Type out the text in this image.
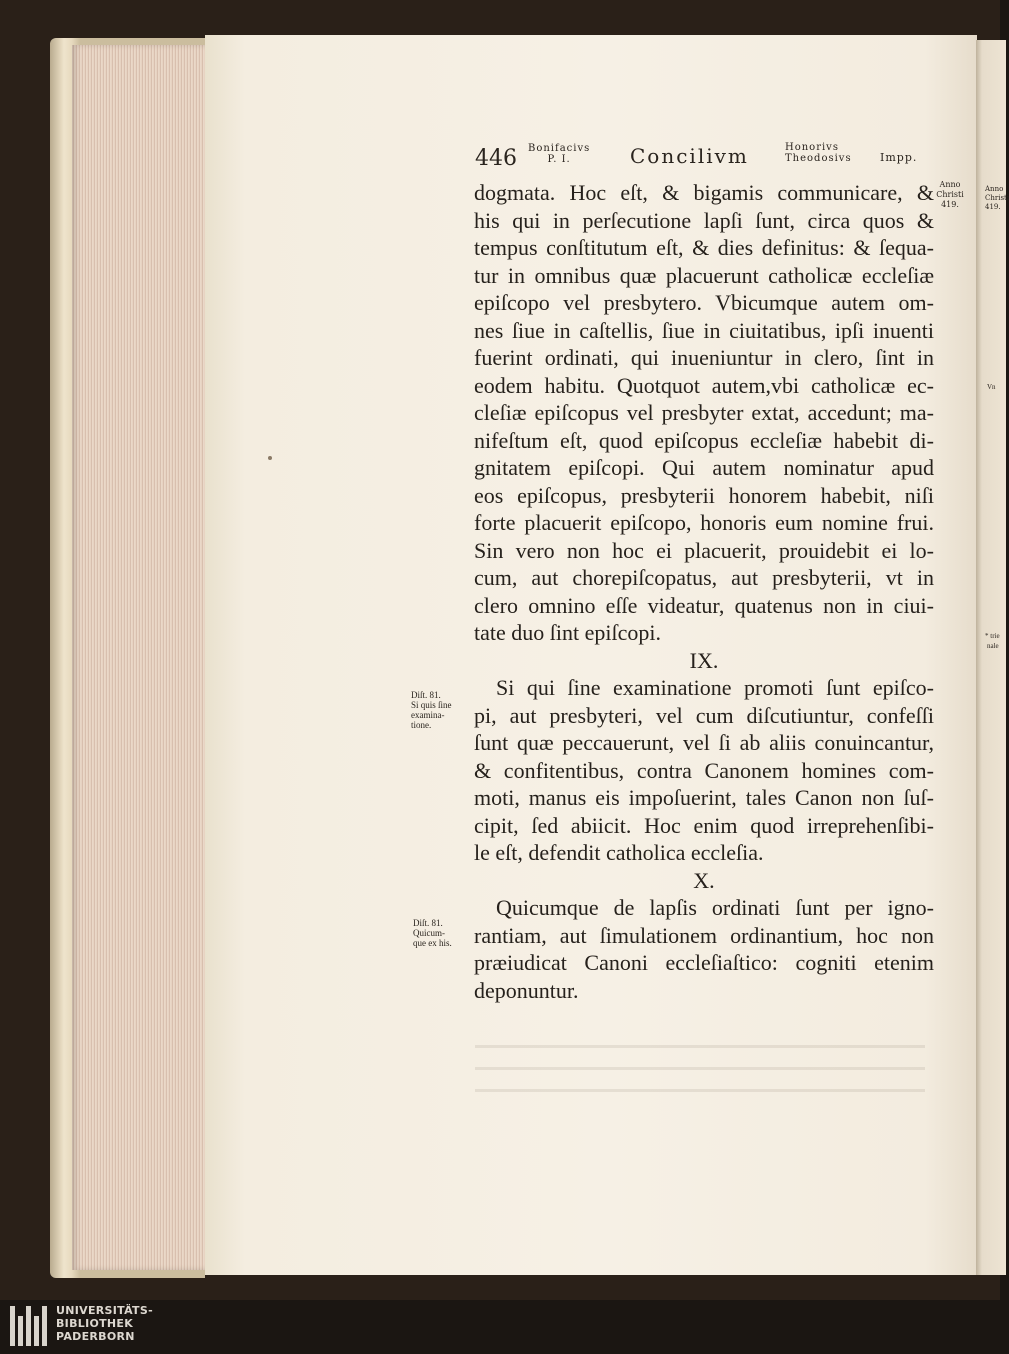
446 Bonifacivs
P. I.	Concilivm	Honorivs
Theodosivs	Impp.
Anno
Christi
419.
Anno
Christi
419.
Vn
* trie
nale
dogmata. Hoc eſt, & bigamis communicare, &
his qui in perſecutione lapſi ſunt, circa quos &
tempus conſtitutum eſt, & dies definitus: & ſequa-
tur in omnibus quæ placuerunt catholicæ eccleſiæ
epiſcopo vel presbytero. Vbicumque autem om-
nes ſiue in caſtellis, ſiue in ciuitatibus, ipſi inuenti
fuerint ordinati, qui inueniuntur in clero, ſint in
eodem habitu. Quotquot autem,vbi catholicæ ec-
cleſiæ epiſcopus vel presbyter extat, accedunt; ma-
nifeſtum eſt, quod epiſcopus eccleſiæ habebit di-
gnitatem epiſcopi. Qui autem nominatur apud
eos epiſcopus, presbyterii honorem habebit, niſi
forte placuerit epiſcopo, honoris eum nomine frui.
Sin vero non hoc ei placuerit, prouidebit ei lo-
cum, aut chorepiſcopatus, aut presbyterii, vt in
clero omnino eſſe videatur, quatenus non in ciui-
tate duo ſint epiſcopi.
IX.
Si qui ſine examinatione promoti ſunt epiſco-
pi, aut presbyteri, vel cum diſcutiuntur, confeſſi
ſunt quæ peccauerunt, vel ſi ab aliis conuincantur,
& confitentibus, contra Canonem homines com-
moti, manus eis impoſuerint, tales Canon non ſuſ-
cipit, ſed abiicit. Hoc enim quod irreprehenſibi-
le eſt, defendit catholica eccleſia.
X.
Quicumque de lapſis ordinati ſunt per igno-
rantiam, aut ſimulationem ordinantium, hoc non
præiudicat Canoni eccleſiaſtico: cogniti etenim
deponuntur.
Diſt. 81.
Si quis ſine
examina-
tione.
Diſt. 81.
Quicum-
que ex his.
UNIVERSITÄTS-
BIBLIOTHEK
PADERBORN
